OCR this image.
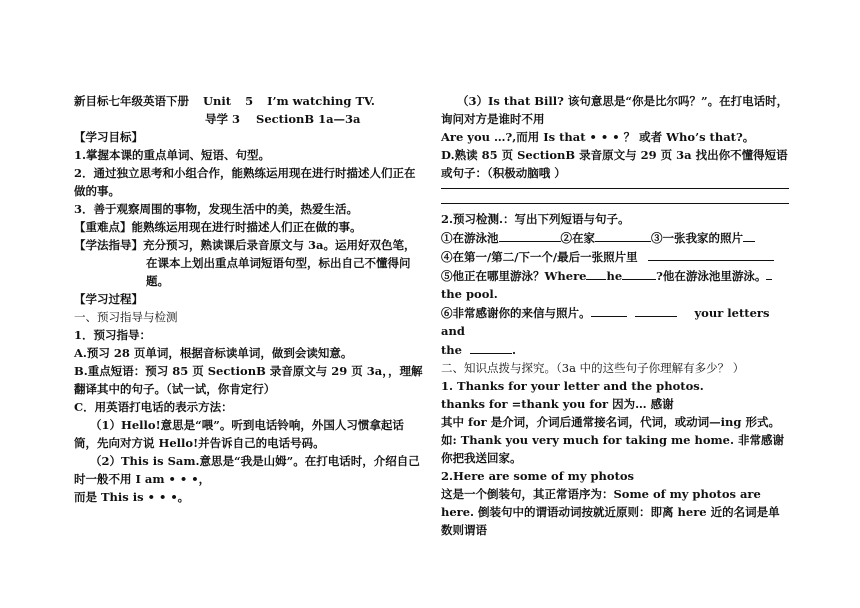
新目标七年级英语下册 Unit 5 I’m watching TV.

导学 3 SectionB 1a—3a

【学习目标】

1.掌握本课的重点单词、短语、句型。

2．通过独立思考和小组合作，能熟练运用现在进行时描述人们正在做的事。

3．善于观察周围的事物，发现生活中的美，热爱生活。

【重难点】能熟练运用现在进行时描述人们正在做的事。

【学法指导】充分预习，熟读课后录音原文与 3a。运用好双色笔，

在课本上划出重点单词短语句型，标出自己不懂得问题。

【学习过程】

一、预习指导与检测

1．预习指导：

A.预习 28 页单词，根据音标读单词，做到会读知意。

B.重点短语：预习 85 页 SectionB 录音原文与 29 页 3a，，理解翻译其中的句子。（试一试，你肯定行）

C．用英语打电话的表示方法：

（1）Hello!意思是“喂”。听到电话铃响，外国人习惯拿起话筒，先向对方说 Hello!并告诉自己的电话号码。

（2）This is Sam.意思是“我是山姆”。在打电话时，介绍自己时一般不用 I am • • •，

而是 This is • • •。

（3）Is that Bill? 该句意思是“你是比尔吗？”。在打电话时，询问对方是谁时不用

Are you …?,而用 Is that • • • ？ 或者 Who’s that?。

D.熟读 85 页 SectionB 录音原文与 29 页 3a 找出你不懂得短语或句子：（积极动脑哦 ）

2.预习检测.：写出下列短语与句子。

①在游泳池	②在家	③一张我家的照片

④在第一/第二/下一个/最后一张照片里

⑤他正在哪里游泳？Where he	?他在游泳池里游泳。

the pool.

⑥非常感谢你的来信与照片。	your letters and

the	.

二、知识点拨与探究。（3a 中的这些句子你理解有多少？ ）

1. Thanks for your letter and the photos.

thanks for =thank you for 因为… 感谢

其中 for 是介词，介词后通常接名词，代词，或动词—ing 形式。

如: Thank you very much for taking me home. 非常感谢你把我送回家。

2.Here are some of my photos

这是一个倒装句，其正常语序为：Some of my photos are here. 倒装句中的谓语动词按就近原则：即离 here 近的名词是单数则谓语
